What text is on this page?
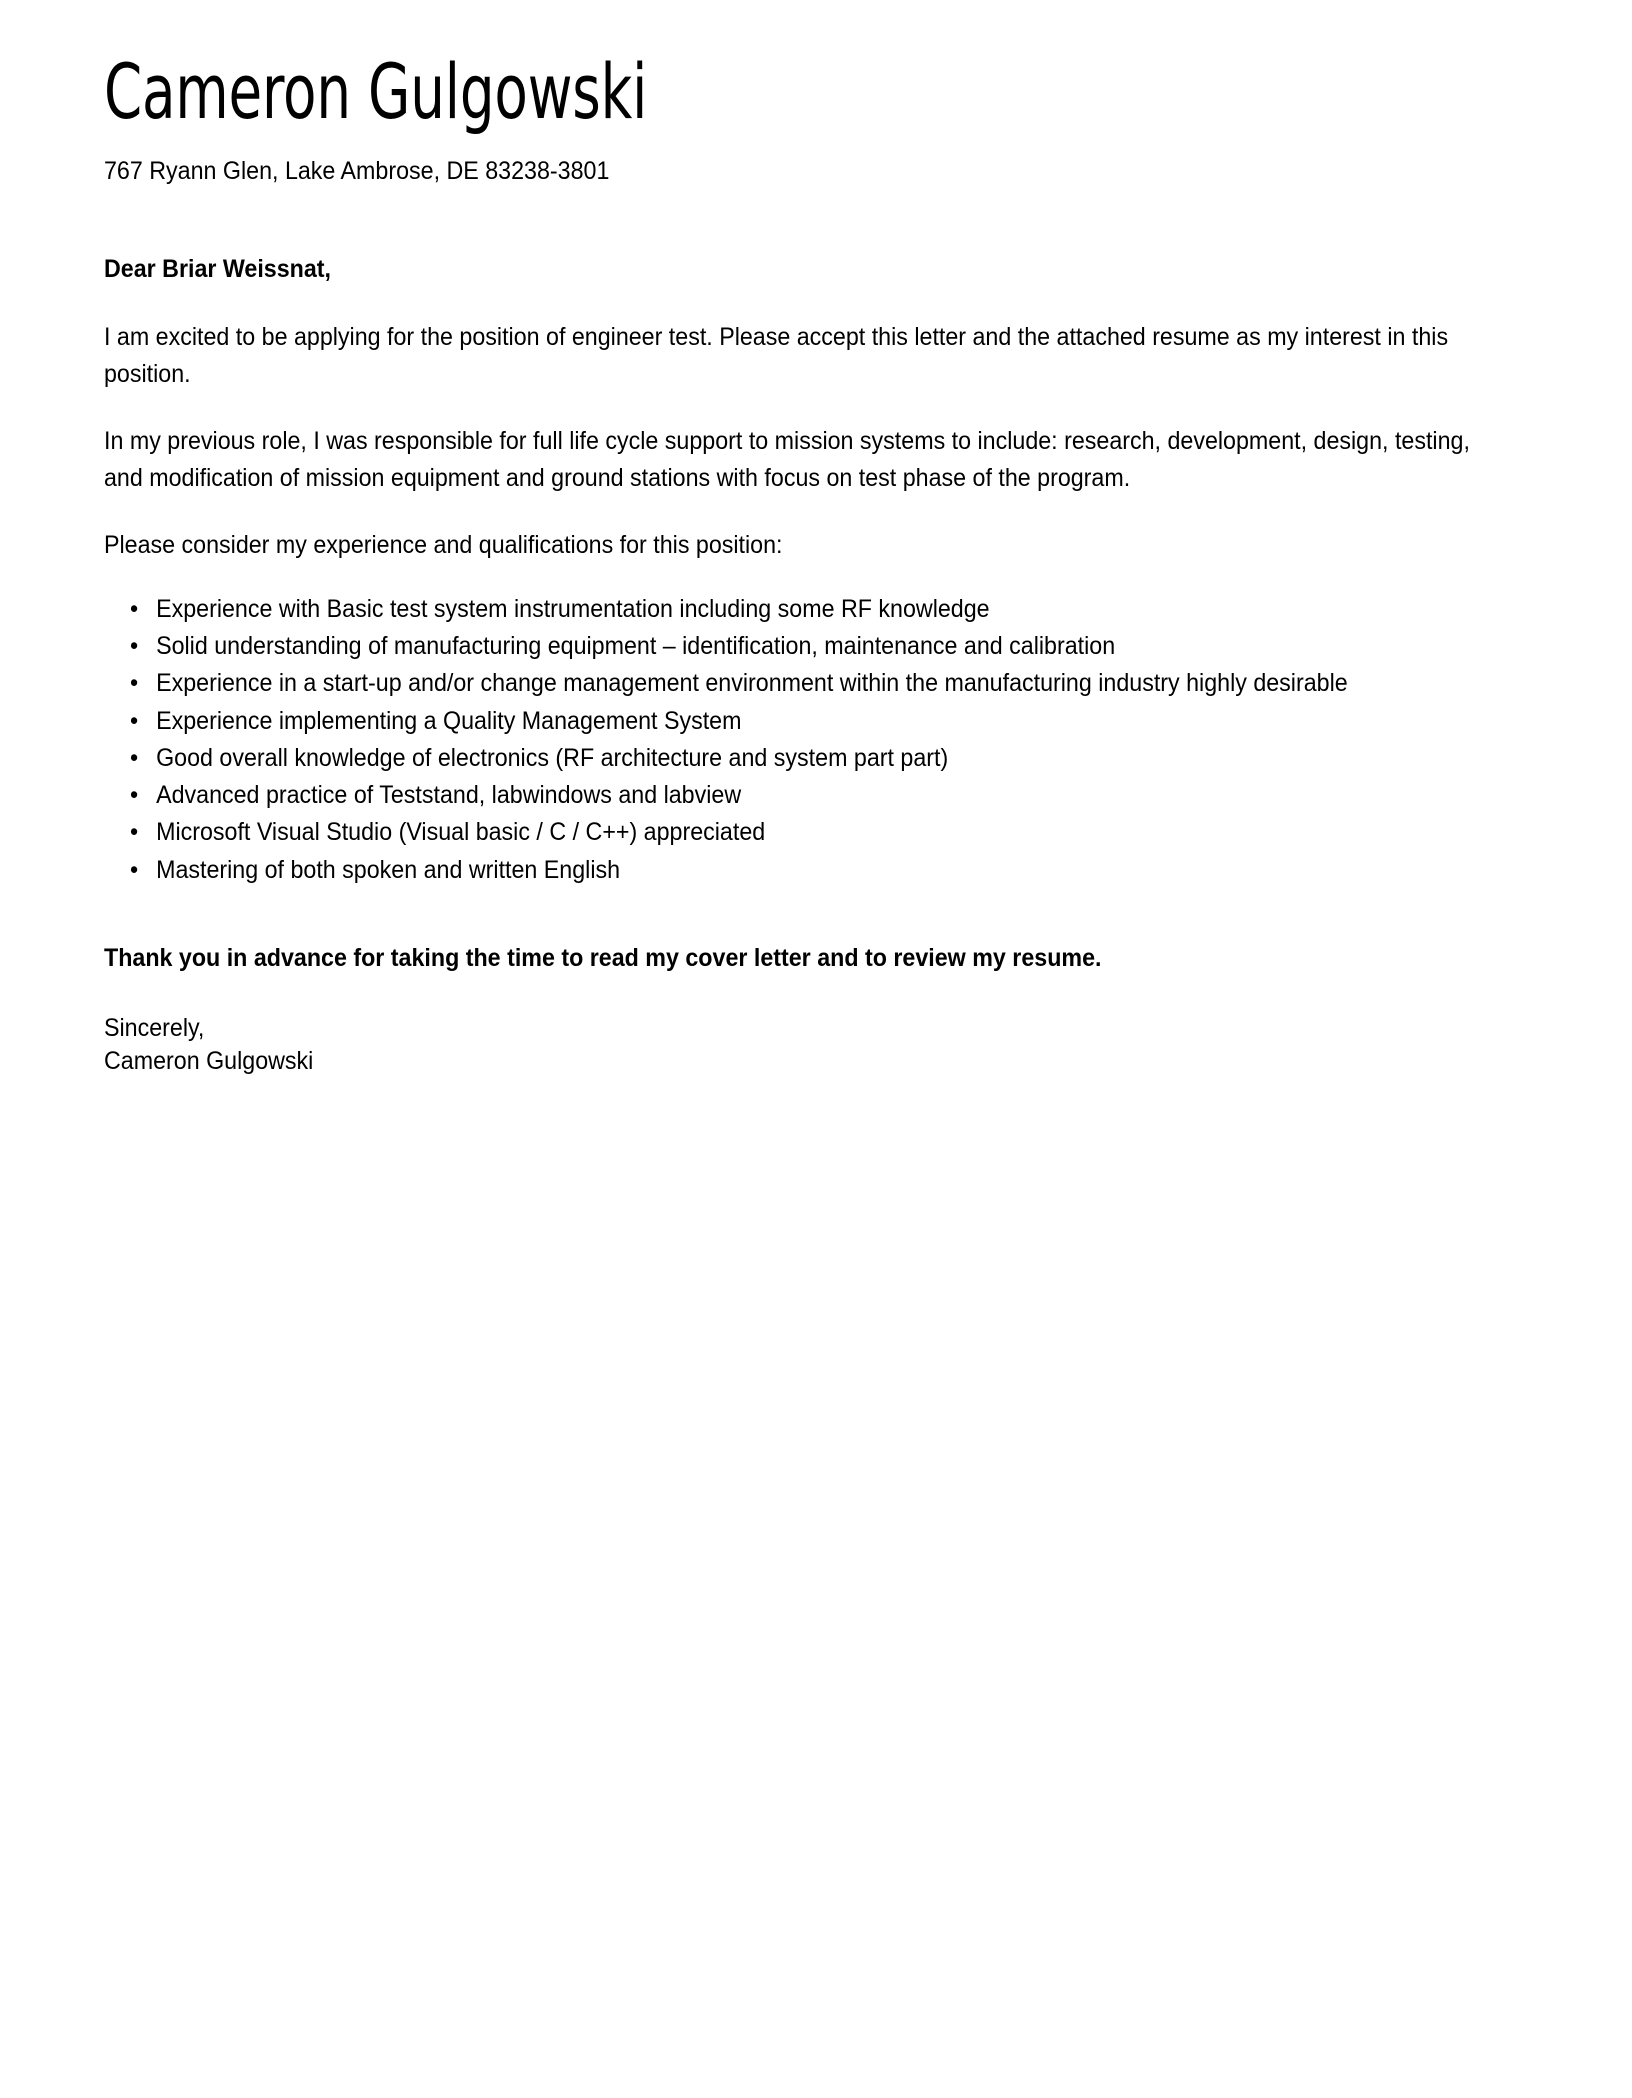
Cameron Gulgowski
767 Ryann Glen, Lake Ambrose, DE 83238-3801
Dear Briar Weissnat,

I am excited to be applying for the position of engineer test. Please accept this letter and the attached resume as my interest in this position.

In my previous role, I was responsible for full life cycle support to mission systems to include: research, development, design, testing, and modification of mission equipment and ground stations with focus on test phase of the program.

Please consider my experience and qualifications for this position:

• Experience with Basic test system instrumentation including some RF knowledge
• Solid understanding of manufacturing equipment – identification, maintenance and calibration
• Experience in a start-up and/or change management environment within the manufacturing industry highly desirable
• Experience implementing a Quality Management System
• Good overall knowledge of electronics (RF architecture and system part part)
• Advanced practice of Teststand, labwindows and labview
• Microsoft Visual Studio (Visual basic / C / C++) appreciated
• Mastering of both spoken and written English
Thank you in advance for taking the time to read my cover letter and to review my resume.

Sincerely,

Cameron Gulgowski
